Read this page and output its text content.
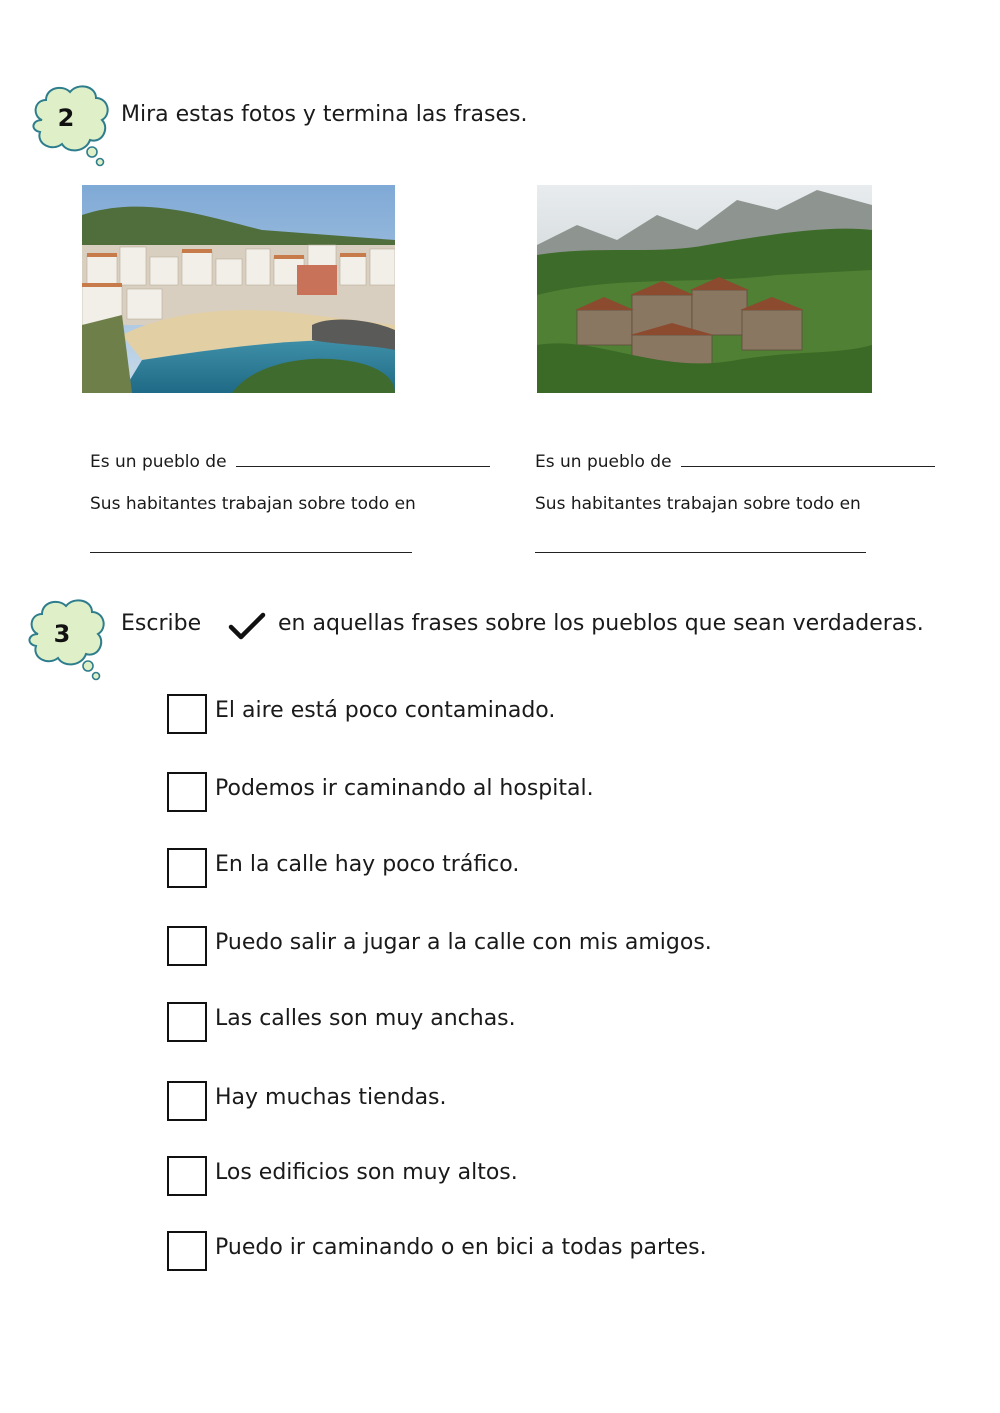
2	Mira estas fotos y termina las frases.
Es un pueblo de
Sus habitantes trabajan sobre todo en
Es un pueblo de
Sus habitantes trabajan sobre todo en
3	Escribe	en aquellas frases sobre los pueblos que sean verdaderas.
El aire está poco contaminado.
Podemos ir caminando al hospital.
En la calle hay poco tráfico.
Puedo salir a jugar a la calle con mis amigos.
Las calles son muy anchas.
Hay muchas tiendas.
Los edificios son muy altos.
Puedo ir caminando o en bici a todas partes.
